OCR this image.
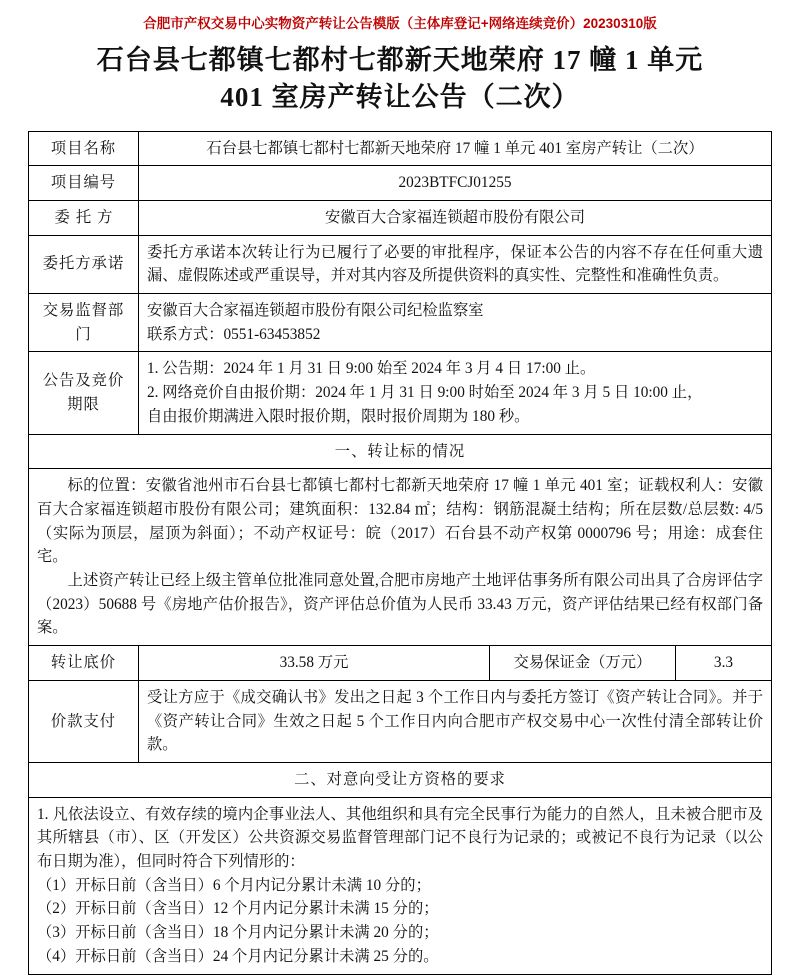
合肥市产权交易中心实物资产转让公告模版（主体库登记+网络连续竞价）20230310版
石台县七都镇七都村七都新天地荣府 17 幢 1 单元
401 室房产转让公告（二次）
项目名称	石台县七都镇七都村七都新天地荣府 17 幢 1 单元 401 室房产转让（二次）		
项目编号	2023BTFCJ01255		
委托方	安徽百大合家福连锁超市股份有限公司		
委托方承诺	委托方承诺本次转让行为已履行了必要的审批程序，保证本公告的内容不存在任何重大遗漏、虚假陈述或严重误导，并对其内容及所提供资料的真实性、完整性和准确性负责。		
交易监督部门	安徽百大合家福连锁超市股份有限公司纪检监察室
联系方式：0551-63453852		

公告及竞价期限	1. 公告期：2024 年 1 月 31 日 9:00 始至 2024 年 3 月 4 日 17:00 止。
2. 网络竞价自由报价期：2024 年 1 月 31 日 9:00 时始至 2024 年 3 月 5 日 10:00 止，
自由报价期满进入限时报价期，限时报价周期为 180 秒。		

一、转让标的情况			

标的位置：安徽省池州市石台县七都镇七都村七都新天地荣府 17 幢 1 单元 401 室；证载权利人：安徽百大合家福连锁超市股份有限公司；建筑面积：132.84 ㎡；结构：钢筋混凝土结构；所在层数/总层数: 4/5（实际为顶层，屋顶为斜面）；不动产权证号：皖（2017）石台县不动产权第 0000796 号；用途：成套住宅。
上述资产转让已经上级主管单位批准同意处置,合肥市房地产土地评估事务所有限公司出具了合房评估字（2023）50688 号《房地产估价报告》，资产评估总价值为人民币 33.43 万元，资产评估结果已经有权部门备案。			

转让底价	33.58 万元	交易保证金（万元）	3.3
价款支付	受让方应于《成交确认书》发出之日起 3 个工作日内与委托方签订《资产转让合同》。并于《资产转让合同》生效之日起 5 个工作日内向合肥市产权交易中心一次性付清全部转让价款。		
二、对意向受让方资格的要求			

1. 凡依法设立、有效存续的境内企事业法人、其他组织和具有完全民事行为能力的自然人，且未被合肥市及其所辖县（市）、区（开发区）公共资源交易监督管理部门记不良行为记录的；或被记不良行为记录（以公布日期为准），但同时符合下列情形的：
（1）开标日前（含当日）6 个月内记分累计未满 10 分的；
（2）开标日前（含当日）12 个月内记分累计未满 15 分的；
（3）开标日前（含当日）18 个月内记分累计未满 20 分的；
（4）开标日前（含当日）24 个月内记分累计未满 25 分的。			
